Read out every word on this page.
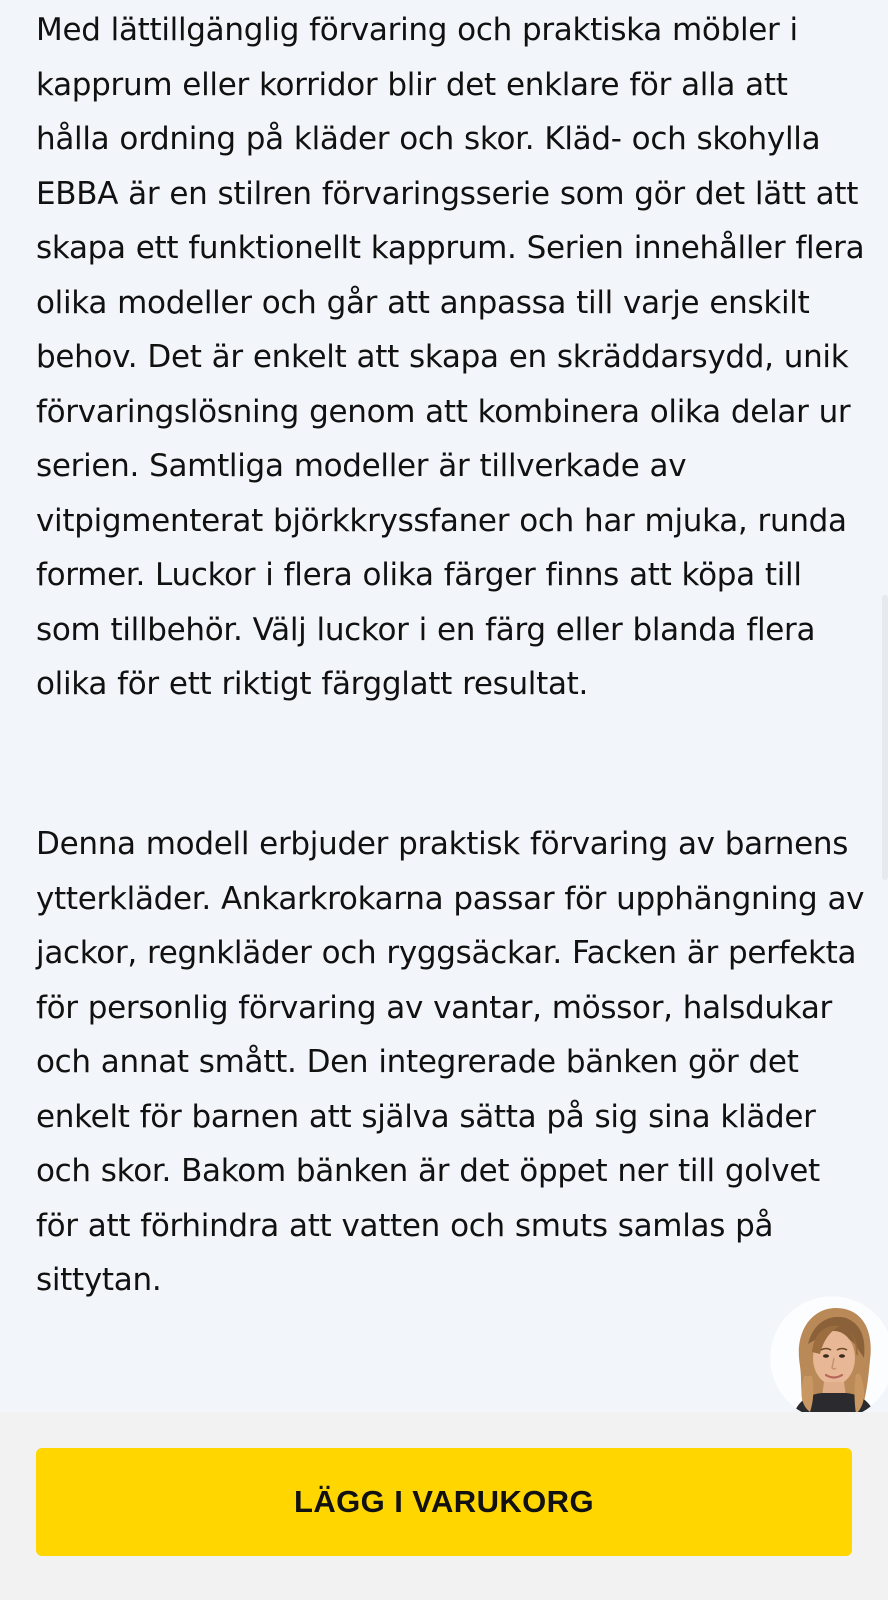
Med lättillgänglig förvaring och praktiska möbler i kapprum eller korridor blir det enklare för alla att hålla ordning på kläder och skor. Kläd- och skohylla EBBA är en stilren förvaringsserie som gör det lätt att skapa ett funktionellt kapprum. Serien innehåller flera olika modeller och går att anpassa till varje enskilt behov. Det är enkelt att skapa en skräddarsydd, unik förvaringslösning genom att kombinera olika delar ur serien. Samtliga modeller är tillverkade av vitpigmenterat björkkryssfaner och har mjuka, runda former. Luckor i flera olika färger finns att köpa till som tillbehör. Välj luckor i en färg eller blanda flera olika för ett riktigt färgglatt resultat.

Denna modell erbjuder praktisk förvaring av barnens ytterkläder. Ankarkrokarna passar för upphängning av jackor, regnkläder och ryggsäckar. Facken är perfekta för personlig förvaring av vantar, mössor, halsdukar och annat smått. Den integrerade bänken gör det enkelt för barnen att själva sätta på sig sina kläder och skor. Bakom bänken är det öppet ner till golvet för att förhindra att vatten och smuts samlas på sittytan.

LÄGG I VARUKORG
